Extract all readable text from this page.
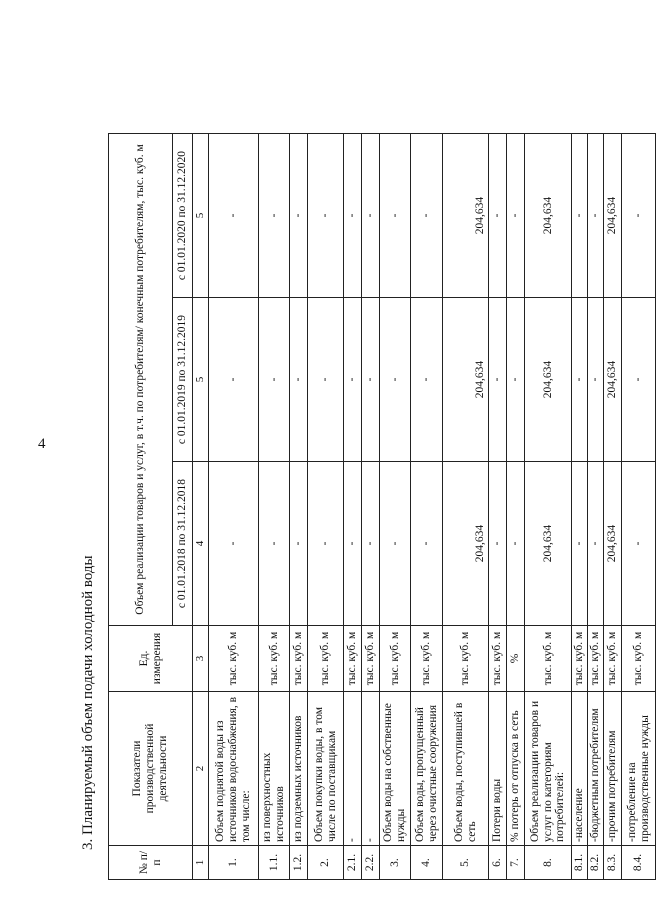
4
3. Планируемый объем подачи холодной воды
№ п/п	Показатели производственной деятельности	Ед. измерения	Объем реализации товаров и услуг, в т.ч. по потребителям/ конечным потребителям, тыс. куб. м		
			с 01.01.2018 по 31.12.2018	с 01.01.2019 по 31.12.2019	с 01.01.2020 по 31.12.2020
1	2	3	4	5	5
1.	Объем поднятой воды из источников водоснабжения, в том числе:	тыс. куб. м	-	-	-
1.1.	из поверхностных источников	тыс. куб. м	-	-	-
1.2.	из подземных источников	тыс. куб. м	-	-	-
2.	Объем покупки воды, в том числе по поставщикам	тыс. куб. м	-	-	-
2.1.	-	тыс. куб. м	-	-	-
2.2.	-	тыс. куб. м	-	-	-
3.	Объем воды на собственные нужды	тыс. куб. м	-	-	-
4.	Объем воды, пропущенный через очистные сооружения	тыс. куб. м	-	-	-
5.	Объем воды, поступившей в сеть	тыс. куб. м	204,634	204,634	204,634
6.	Потери воды	тыс. куб. м	-	-	-
7.	% потерь от отпуска в сеть	%	-	-	-
8.	Объем реализации товаров и услуг по категориям потребителей:	тыс. куб. м	204,634	204,634	204,634
8.1.	-население	тыс. куб. м	-	-	-
8.2.	-бюджетным потребителям	тыс. куб. м	-	-	-
8.3.	-прочим потребителям	тыс. куб. м	204,634	204,634	204,634
8.4.	-потребление на производственные нужды	тыс. куб. м	-	-	-
